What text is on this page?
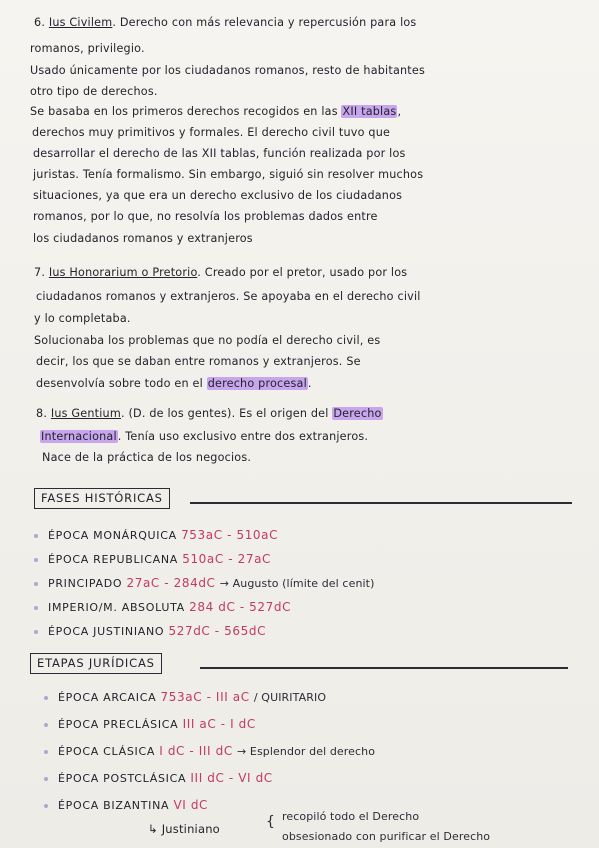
6. Ius Civilem. Derecho con más relevancia y repercusión para los
romanos, privilegio.
Usado únicamente por los ciudadanos romanos, resto de habitantes
otro tipo de derechos.
Se basaba en los primeros derechos recogidos en las XII tablas,
derechos muy primitivos y formales. El derecho civil tuvo que
desarrollar el derecho de las XII tablas, función realizada por los
juristas. Tenía formalismo. Sin embargo, siguió sin resolver muchos
situaciones, ya que era un derecho exclusivo de los ciudadanos
romanos, por lo que, no resolvía los problemas dados entre
los ciudadanos romanos y extranjeros
7. Ius Honorarium o Pretorio. Creado por el pretor, usado por los
ciudadanos romanos y extranjeros. Se apoyaba en el derecho civil
y lo completaba.
Solucionaba los problemas que no podía el derecho civil, es
decir, los que se daban entre romanos y extranjeros. Se
desenvolvía sobre todo en el derecho procesal.
8. Ius Gentium. (D. de los gentes). Es el origen del Derecho
Internacional. Tenía uso exclusivo entre dos extranjeros.
Nace de la práctica de los negocios.
FASES HISTÓRICAS
ÉPOCA MONÁRQUICA 753aC - 510aC
ÉPOCA REPUBLICANA 510aC - 27aC
PRINCIPADO 27aC - 284dC → Augusto (límite del cenit)
IMPERIO/M. ABSOLUTA 284 dC - 527dC
ÉPOCA JUSTINIANO 527dC - 565dC
ETAPAS JURÍDICAS
ÉPOCA ARCAICA 753aC - III aC / QUIRITARIO
ÉPOCA PRECLÁSICA III aC - I dC
ÉPOCA CLÁSICA I dC - III dC → Esplendor del derecho
ÉPOCA POSTCLÁSICA III dC - VI dC
ÉPOCA BIZANTINA VI dC
↳ Justiniano	{ recopiló todo el Derecho
obsesionado con purificar el Derecho
